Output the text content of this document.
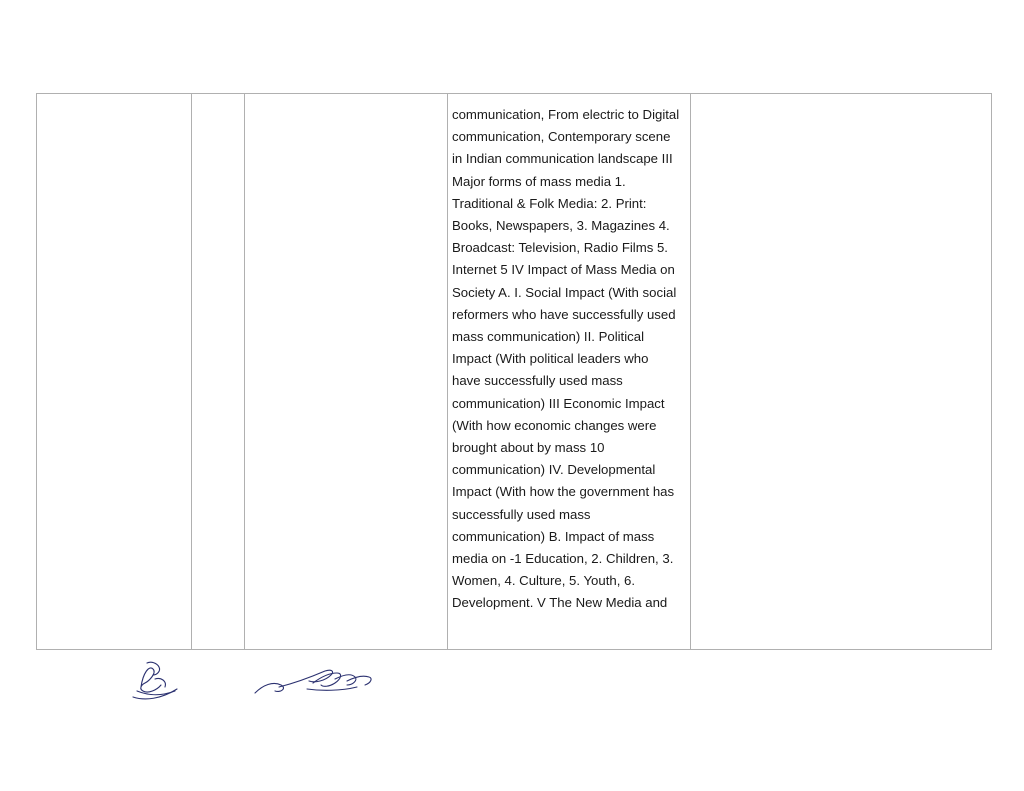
communication, From electric to Digital communication, Contemporary scene in Indian communication landscape III Major forms of mass media 1. Traditional & Folk Media: 2. Print: Books, Newspapers, 3. Magazines 4. Broadcast: Television, Radio Films 5. Internet 5 IV Impact of Mass Media on Society A. I. Social Impact (With social reformers who have successfully used mass communication) II. Political Impact (With political leaders who have successfully used mass communication) III Economic Impact (With how economic changes were brought about by mass 10 communication) IV. Developmental Impact (With how the government has successfully used mass communication) B. Impact of mass media on -1 Education, 2. Children, 3. Women, 4. Culture, 5. Youth, 6. Development. V The New Media and
